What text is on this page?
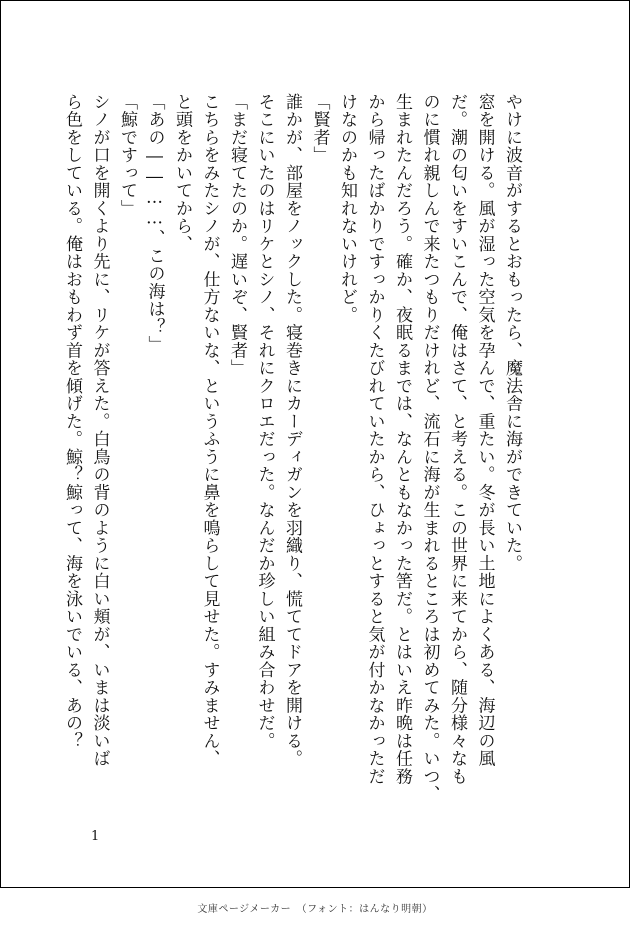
やけに波音がするとおもったら、魔法舎に海ができていた。

窓を開ける。風が湿った空気を孕んで、重たい。冬が長い土地によくある、海辺の風

だ。潮の匂いをすいこんで、俺はさて、と考える。この世界に来てから、随分様々なも

のに慣れ親しんで来たつもりだけれど、流石に海が生まれるところは初めてみた。いつ、

生まれたんだろう。確か、夜眠るまでは、なんともなかった筈だ。とはいえ昨晩は任務

から帰ったばかりですっかりくたびれていたから、ひょっとすると気が付かなかっただ

けなのかも知れないけれど。

「賢者」

誰かが、部屋をノックした。寝巻きにカーディガンを羽織り、慌ててドアを開ける。

そこにいたのはリケとシノ、それにクロエだった。なんだか珍しい組み合わせだ。

「まだ寝てたのか。遅いぞ、賢者」

こちらをみたシノが、仕方ないな、というふうに鼻を鳴らして見せた。すみません、

と頭をかいてから、

「あの――……、この海は？」

「鯨ですって」

シノが口を開くより先に、リケが答えた。白鳥の背のように白い頬が、いまは淡いば

ら色をしている。俺はおもわず首を傾げた。鯨？鯨って、海を泳いでいる、あの？

1
文庫ページメーカー　（フォント：はんなり明朝）
